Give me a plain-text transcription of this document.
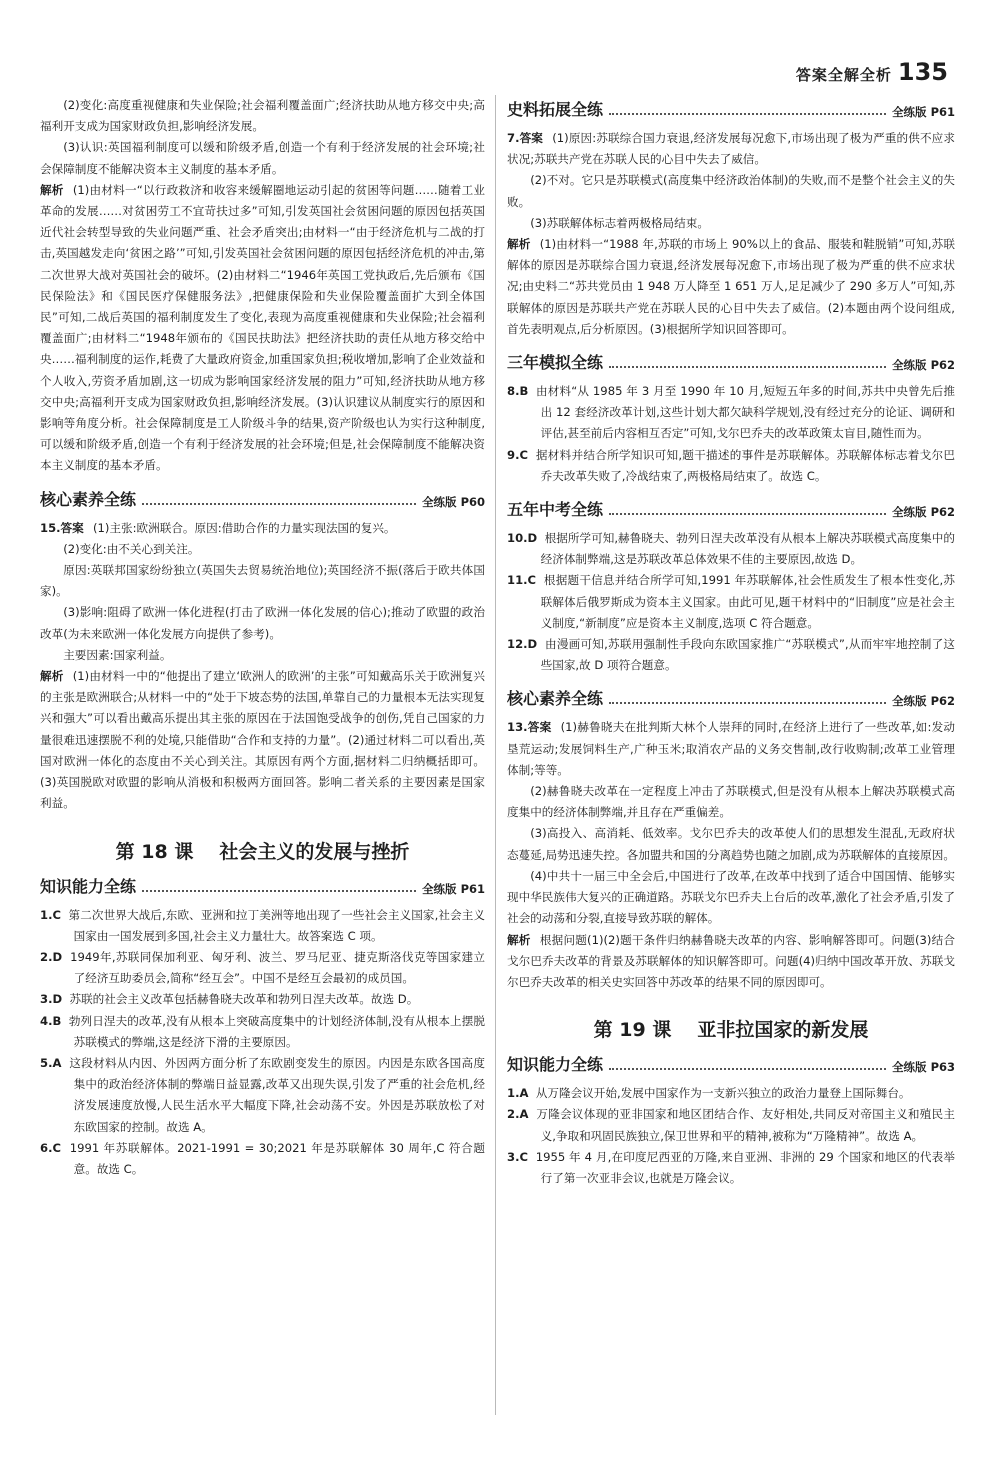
答案全解全析 135

(2)变化:高度重视健康和失业保险;社会福利覆盖面广;经济扶助从地方移交中央;高福利开支成为国家财政负担,影响经济发展。

(3)认识:英国福利制度可以缓和阶级矛盾,创造一个有利于经济发展的社会环境;社会保障制度不能解决资本主义制度的基本矛盾。

解析 (1)由材料一“以行政救济和收容来缓解圈地运动引起的贫困等问题……随着工业革命的发展……对贫困劳工不宜苛扶过多”可知,引发英国社会贫困问题的原因包括英国近代社会转型导致的失业问题严重、社会矛盾突出;由材料一“由于经济危机与二战的打击,英国越发走向‘贫困之路’”可知,引发英国社会贫困问题的原因包括经济危机的冲击,第二次世界大战对英国社会的破坏。(2)由材料二“1946年英国工党执政后,先后颁布《国民保险法》和《国民医疗保健服务法》,把健康保险和失业保险覆盖面扩大到全体国民”可知,二战后英国的福利制度发生了变化,表现为高度重视健康和失业保险;社会福利覆盖面广;由材料二“1948年颁布的《国民扶助法》把经济扶助的责任从地方移交给中央……福利制度的运作,耗费了大量政府资金,加重国家负担;税收增加,影响了企业效益和个人收入,劳资矛盾加剧,这一切成为影响国家经济发展的阻力”可知,经济扶助从地方移交中央;高福利开支成为国家财政负担,影响经济发展。(3)认识建议从制度实行的原因和影响等角度分析。社会保障制度是工人阶级斗争的结果,资产阶级也认为实行这种制度,可以缓和阶级矛盾,创造一个有利于经济发展的社会环境;但是,社会保障制度不能解决资本主义制度的基本矛盾。

核心素养全练	全练版 P60

15.答案 (1)主张:欧洲联合。原因:借助合作的力量实现法国的复兴。

(2)变化:由不关心到关注。

原因:英联邦国家纷纷独立(英国失去贸易统治地位);英国经济不振(落后于欧共体国家)。

(3)影响:阻碍了欧洲一体化进程(打击了欧洲一体化发展的信心);推动了欧盟的政治改革(为未来欧洲一体化发展方向提供了参考)。

主要因素:国家利益。

解析 (1)由材料一中的“他提出了建立‘欧洲人的欧洲’的主张”可知戴高乐关于欧洲复兴的主张是欧洲联合;从材料一中的“处于下坡态势的法国,单靠自己的力量根本无法实现复兴和强大”可以看出戴高乐提出其主张的原因在于法国饱受战争的创伤,凭自己国家的力量很难迅速摆脱不利的处境,只能借助“合作和支持的力量”。(2)通过材料二可以看出,英国对欧洲一体化的态度由不关心到关注。其原因有两个方面,据材料二归纳概括即可。(3)英国脱欧对欧盟的影响从消极和积极两方面回答。影响二者关系的主要因素是国家利益。

第 18 课 社会主义的发展与挫折
知识能力全练	全练版 P61

1.C 第二次世界大战后,东欧、亚洲和拉丁美洲等地出现了一些社会主义国家,社会主义国家由一国发展到多国,社会主义力量壮大。故答案选 C 项。

2.D 1949年,苏联同保加利亚、匈牙利、波兰、罗马尼亚、捷克斯洛伐克等国家建立了经济互助委员会,简称“经互会”。中国不是经互会最初的成员国。

3.D 苏联的社会主义改革包括赫鲁晓夫改革和勃列日涅夫改革。故选 D。

4.B 勃列日涅夫的改革,没有从根本上突破高度集中的计划经济体制,没有从根本上摆脱苏联模式的弊端,这是经济下滑的主要原因。

5.A 这段材料从内因、外因两方面分析了东欧剧变发生的原因。内因是东欧各国高度集中的政治经济体制的弊端日益显露,改革又出现失误,引发了严重的社会危机,经济发展速度放慢,人民生活水平大幅度下降,社会动荡不安。外因是苏联放松了对东欧国家的控制。故选 A。

6.C 1991 年苏联解体。2021-1991 = 30;2021 年是苏联解体 30 周年,C 符合题意。故选 C。

史料拓展全练	全练版 P61

7.答案 (1)原因:苏联综合国力衰退,经济发展每况愈下,市场出现了极为严重的供不应求状况;苏联共产党在苏联人民的心目中失去了威信。

(2)不对。它只是苏联模式(高度集中经济政治体制)的失败,而不是整个社会主义的失败。

(3)苏联解体标志着两极格局结束。

解析 (1)由材料一“1988 年,苏联的市场上 90%以上的食品、服装和鞋脱销”可知,苏联解体的原因是苏联综合国力衰退,经济发展每况愈下,市场出现了极为严重的供不应求状况;由史料二“苏共党员由 1 948 万人降至 1 651 万人,足足减少了 290 多万人”可知,苏联解体的原因是苏联共产党在苏联人民的心目中失去了威信。(2)本题由两个设问组成,首先表明观点,后分析原因。(3)根据所学知识回答即可。

三年模拟全练	全练版 P62

8.B 由材料“从 1985 年 3 月至 1990 年 10 月,短短五年多的时间,苏共中央曾先后推出 12 套经济改革计划,这些计划大都欠缺科学规划,没有经过充分的论证、调研和评估,甚至前后内容相互否定”可知,戈尔巴乔夫的改革政策太盲目,随性而为。

9.C 据材料并结合所学知识可知,题干描述的事件是苏联解体。苏联解体标志着戈尔巴乔夫改革失败了,冷战结束了,两极格局结束了。故选 C。

五年中考全练	全练版 P62

10.D 根据所学可知,赫鲁晓夫、勃列日涅夫改革没有从根本上解决苏联模式高度集中的经济体制弊端,这是苏联改革总体效果不佳的主要原因,故选 D。

11.C 根据题干信息并结合所学可知,1991 年苏联解体,社会性质发生了根本性变化,苏联解体后俄罗斯成为资本主义国家。由此可见,题干材料中的“旧制度”应是社会主义制度,“新制度”应是资本主义制度,选项 C 符合题意。

12.D 由漫画可知,苏联用强制性手段向东欧国家推广“苏联模式”,从而牢牢地控制了这些国家,故 D 项符合题意。

核心素养全练	全练版 P62

13.答案 (1)赫鲁晓夫在批判斯大林个人崇拜的同时,在经济上进行了一些改革,如:发动垦荒运动;发展饲料生产,广种玉米;取消农产品的义务交售制,改行收购制;改革工业管理体制;等等。

(2)赫鲁晓夫改革在一定程度上冲击了苏联模式,但是没有从根本上解决苏联模式高度集中的经济体制弊端,并且存在严重偏差。

(3)高投入、高消耗、低效率。戈尔巴乔夫的改革使人们的思想发生混乱,无政府状态蔓延,局势迅速失控。各加盟共和国的分离趋势也随之加剧,成为苏联解体的直接原因。

(4)中共十一届三中全会后,中国进行了改革,在改革中找到了适合中国国情、能够实现中华民族伟大复兴的正确道路。苏联戈尔巴乔夫上台后的改革,激化了社会矛盾,引发了社会的动荡和分裂,直接导致苏联的解体。

解析 根据问题(1)(2)题干条件归纳赫鲁晓夫改革的内容、影响解答即可。问题(3)结合戈尔巴乔夫改革的背景及苏联解体的知识解答即可。问题(4)归纳中国改革开放、苏联戈尔巴乔夫改革的相关史实回答中苏改革的结果不同的原因即可。

第 19 课 亚非拉国家的新发展
知识能力全练	全练版 P63

1.A 从万隆会议开始,发展中国家作为一支新兴独立的政治力量登上国际舞台。

2.A 万隆会议体现的亚非国家和地区团结合作、友好相处,共同反对帝国主义和殖民主义,争取和巩固民族独立,保卫世界和平的精神,被称为“万隆精神”。故选 A。

3.C 1955 年 4 月,在印度尼西亚的万隆,来自亚洲、非洲的 29 个国家和地区的代表举行了第一次亚非会议,也就是万隆会议。
